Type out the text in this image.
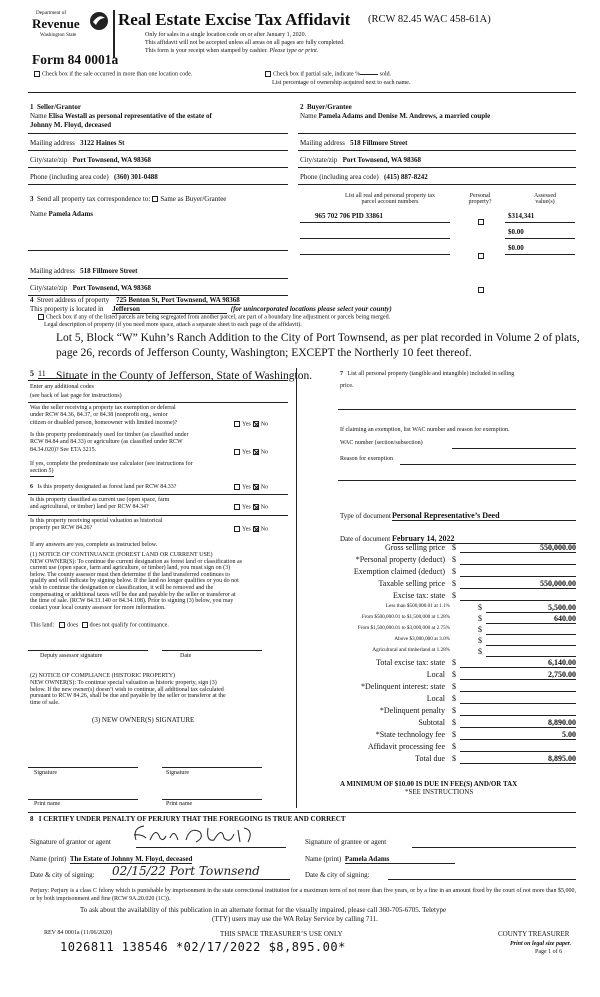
Department of
Revenue
Washington State
Form 84 0001a
Real Estate Excise Tax Affidavit (RCW 82.45 WAC 458-61A)
Only for sales in a single location code on or after January 1, 2020.
This affidavit will not be accepted unless all areas on all pages are fully completed.
This form is your receipt when stamped by cashier. Please type or print.
Check box if the sale occurred in more than one location code.	Check box if partial sale, indicate %	sold.
List percentage of ownership acquired next to each name.
1 Seller/Grantor
Name Elisa Westall as personal representative of the estate of
Johnny M. Floyd, deceased
Mailing address 3122 Haines St
City/state/zip Port Townsend, WA 98368
Phone (including area code) (360) 301-0488
2 Buyer/Grantee
Name Pamela Adams and Denise M. Andrews, a married couple
Mailing address 518 Fillmore Street
City/state/zip Port Townsend, WA 98368
Phone (including area code) (415) 887-8242
3 Send all property tax correspondence to: Same as Buyer/Grantee
Name Pamela Adams
Mailing address 518 Fillmore Street
City/state/zip Port Townsend, WA 98368
List all real and personal property tax
parcel account numbers
Personal
property?
Assessed
value(s)
965 702 706 PID 33861	$314,341
$0.00
$0.00
4 Street address of property 725 Benton St, Port Townsend, WA 98368
This property is located in Jefferson	(for unincorporated locations please select your county)
Check box if any of the listed parcels are being segregated from another parcel, are part of a boundary line adjustment or parcels being merged.
Legal description of property (if you need more space, attach a separate sheet to each page of the affidavit).
Lot 5, Block “W” Kuhn’s Ranch Addition to the City of Port Townsend, as per plat recorded in Volume 2 of plats,
page 26, records of Jefferson County, Washington; EXCEPT the Northerly 10 feet thereof.
Situate in the County of Jefferson, State of Washington.
5 11
Enter any additional codes
(see back of last page for instructions)
Was the seller receiving a property tax exemption or deferral
under RCW 84.36, 84.37, or 84.38 (nonprofit org., senior
citizen or disabled person, homeowner with limited income)?	Yes No
Is this property predominately used for timber (as classified under
RCW 84.84 and 84.33) or agriculture (as classified under RCW
84.34.020)? See ETA 3215.	Yes No
If yes, complete the predominate use calculator (see instructions for
section 5)
6 Is this property designated as forest land per RCW 84.33?	Yes No
Is this property classified as current use (open space, farm
and agricultural, or timber) land per RCW 84.34?	Yes No
Is this property receiving special valuation as historical
property per RCW 84.26?	Yes No
If any answers are yes, complete as instructed below.
(1) NOTICE OF CONTINUANCE (FOREST LAND OR CURRENT USE)
NEW OWNER(S): To continue the current designation as forest land or classification as
current use (open space, farm and agriculture, or timber) land, you must sign on (3)
below. The county assessor must then determine if the land transferred continues to
qualify and will indicate by signing below. If the land no longer qualifies or you do not
wish to continue the designation or classification, it will be removed and the
compensating or additional taxes will be due and payable by the seller or transferor at
the time of sale. (RCW 84.33.140 or 84.34.108). Prior to signing (3) below, you may
contact your local county assessor for more information.
This land: does does not qualify for continuance.
Deputy assessor signature	Date
(2) NOTICE OF COMPLIANCE (HISTORIC PROPERTY)
NEW OWNER(S): To continue special valuation as historic property, sign (3)
below. If the new owner(s) doesn’t wish to continue, all additional tax calculated
pursuant to RCW 84.26, shall be due and payable by the seller or transferor at the
time of sale.
(3) NEW OWNER(S) SIGNATURE
Signature	Signature
Print name	Print name
7 List all personal property (tangible and intangible) included in selling
price.
If claiming an exemption, list WAC number and reason for exemption.
WAC number (section/subsection)
Reason for exemption
Type of document Personal Representative’s Deed
Date of document February 14, 2022
Gross selling price $	550,000.00
*Personal property (deduct) $
Exemption claimed (deduct) $
Taxable selling price $	550,000.00
Excise tax: state $
Less than $500,000.01 at 1.1%	$	5,500.00
From $500,000.01 to $1,500,000 at 1.28%	$	640.00
From $1,500,000.01 to $3,000,000 at 2.75%	$
Above $3,000,000 at 3.0%	$
Agricultural and timberland at 1.28%	$
Total excise tax: state $	6,140.00
Local $	2,750.00
*Delinquent interest: state $
Local $
*Delinquent penalty $
Subtotal $	8,890.00
*State technology fee $	5.00
Affidavit processing fee $
Total due $	8,895.00
A MINIMUM OF $10.00 IS DUE IN FEE(S) AND/OR TAX
*SEE INSTRUCTIONS
8 I CERTIFY UNDER PENALTY OF PERJURY THAT THE FOREGOING IS TRUE AND CORRECT
Signature of grantor or agent	Signature of grantee or agent
Name (print) The Estate of Johnny M. Floyd, deceased	Name (print) Pamela Adams
Date & city of signing: 02/15/22 Port Townsend	Date & city of signing:
Perjury: Perjury is a class C felony which is punishable by imprisonment in the state correctional institution for a maximum term of not more than five years, or by a fine in an amount fixed by the court of not more than $5,000, or by both imprisonment and fine (RCW 9A.20.020 (1C)).
To ask about the availability of this publication in an alternate format for the visually impaired, please call 360-705-6705. Teletype
(TTY) users may use the WA Relay Service by calling 711.
REV 84 0001a (11/06/2020)	THIS SPACE TREASURER’S USE ONLY	COUNTY TREASURER
Print on legal size paper.
Page 1 of 6
1026811 138546 *02/17/2022 $8,895.00*
